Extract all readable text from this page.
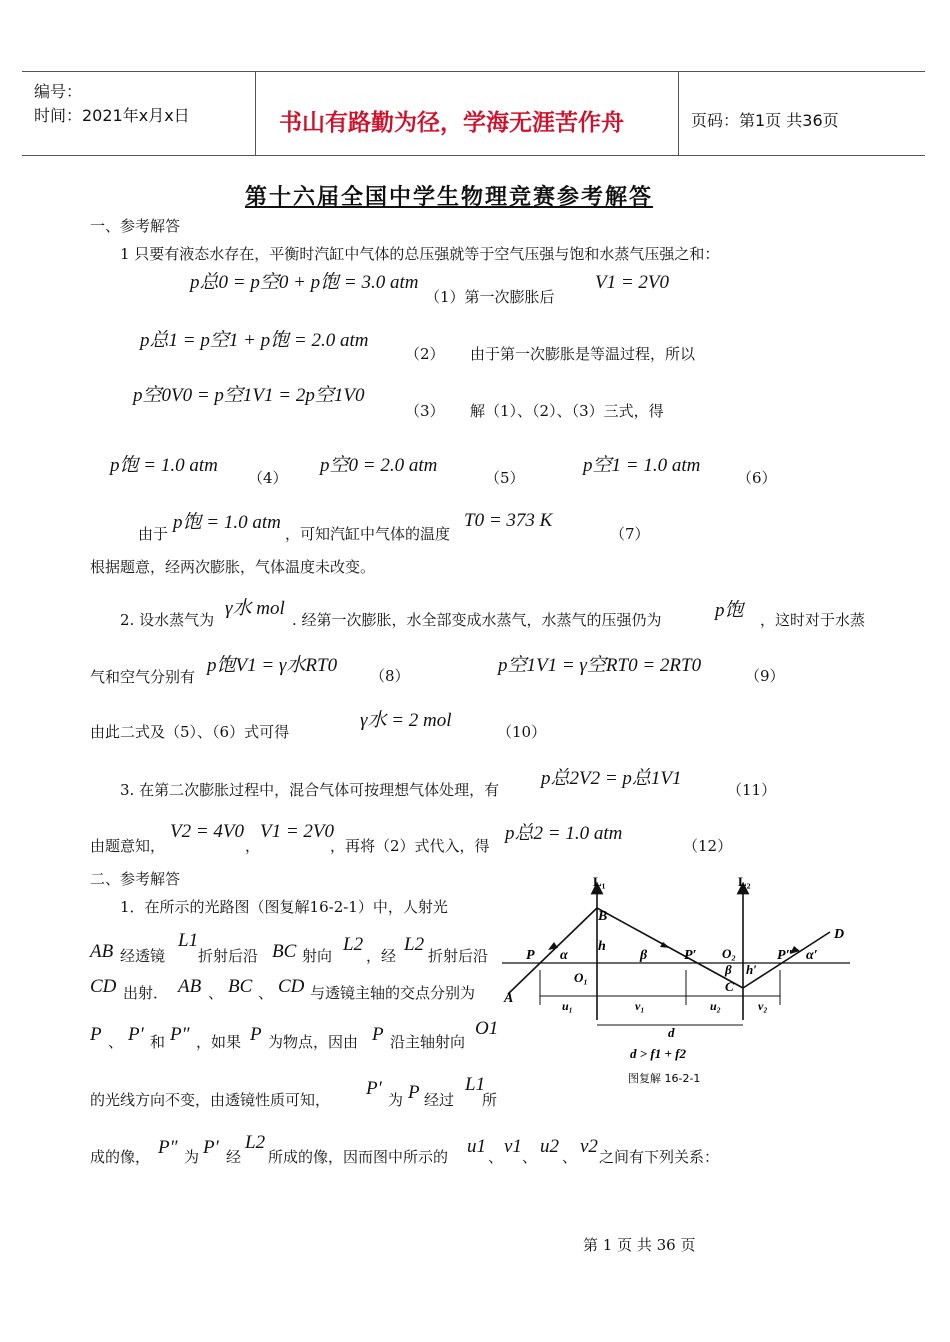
编号：
时间：2021年x月x日	书山有路勤为径，学海无涯苦作舟	页码：第1页 共36页
第十六届全国中学生物理竞赛参考解答
一、参考解答
1 只要有液态水存在，平衡时汽缸中气体的总压强就等于空气压强与饱和水蒸气压强之和：
p总0 = p空0 + p饱 = 3.0 atm
（1）第一次膨胀后
V1 = 2V0
p总1 = p空1 + p饱 = 2.0 atm
（2） 由于第一次膨胀是等温过程，所以
p空0V0 = p空1V1 = 2p空1V0
（3） 解（1）、（2）、（3）三式，得
p饱 = 1.0 atm
（4）
p空0 = 2.0 atm
（5）
p空1 = 1.0 atm
（6）
由于
p饱 = 1.0 atm
，可知汽缸中气体的温度
T0 = 373 K
（7）
根据题意，经两次膨胀，气体温度未改变。
2. 设水蒸气为
γ水 mol
. 经第一次膨胀，水全部变成水蒸气，水蒸气的压强仍为	p饱 ，这时对于水蒸
气和空气分别有
p饱V1 = γ水RT0 （8）	p空1V1 = γ空RT0 = 2RT0	（9）
由此二式及（5）、（6）式可得
γ水 = 2 mol
（10）
3. 在第二次膨胀过程中，混合气体可按理想气体处理，有
p总2V2 = p总1V1
（11）
由题意知，
V2 = 4V0
，
V1 = 2V0
，再将（2）式代入，得
p总2 = 1.0 atm
（12）
二、参考解答
1．在所示的光路图（图复解16-2-1）中，人射光
AB 经透镜
L1
折射后沿 BC 射向
L2
，经
L2
折射后沿
CD 出射． AB 、 BC 、 CD 与透镜主轴的交点分别为
P 、 P′ 和 P″ ，如果 P 为物点，因由 P 沿主轴射向
O1
的光线方向不变，由透镜性质可知，
P′
为 P 经过
L1
所
成的像， P″ 为 P′ 经
L2
所成的像，因而图中所示的 u1 、 v1 、 u2 、 v2 之间有下列关系：
L₁	L₂
B
h
A
P
O₁
α	β	P′ O₂
β h′
C
P″ α′
D
u₁	v₁	u₂	v₂
d
d > f1 + f2
图复解 16-2-1
第 1 页 共 36 页
